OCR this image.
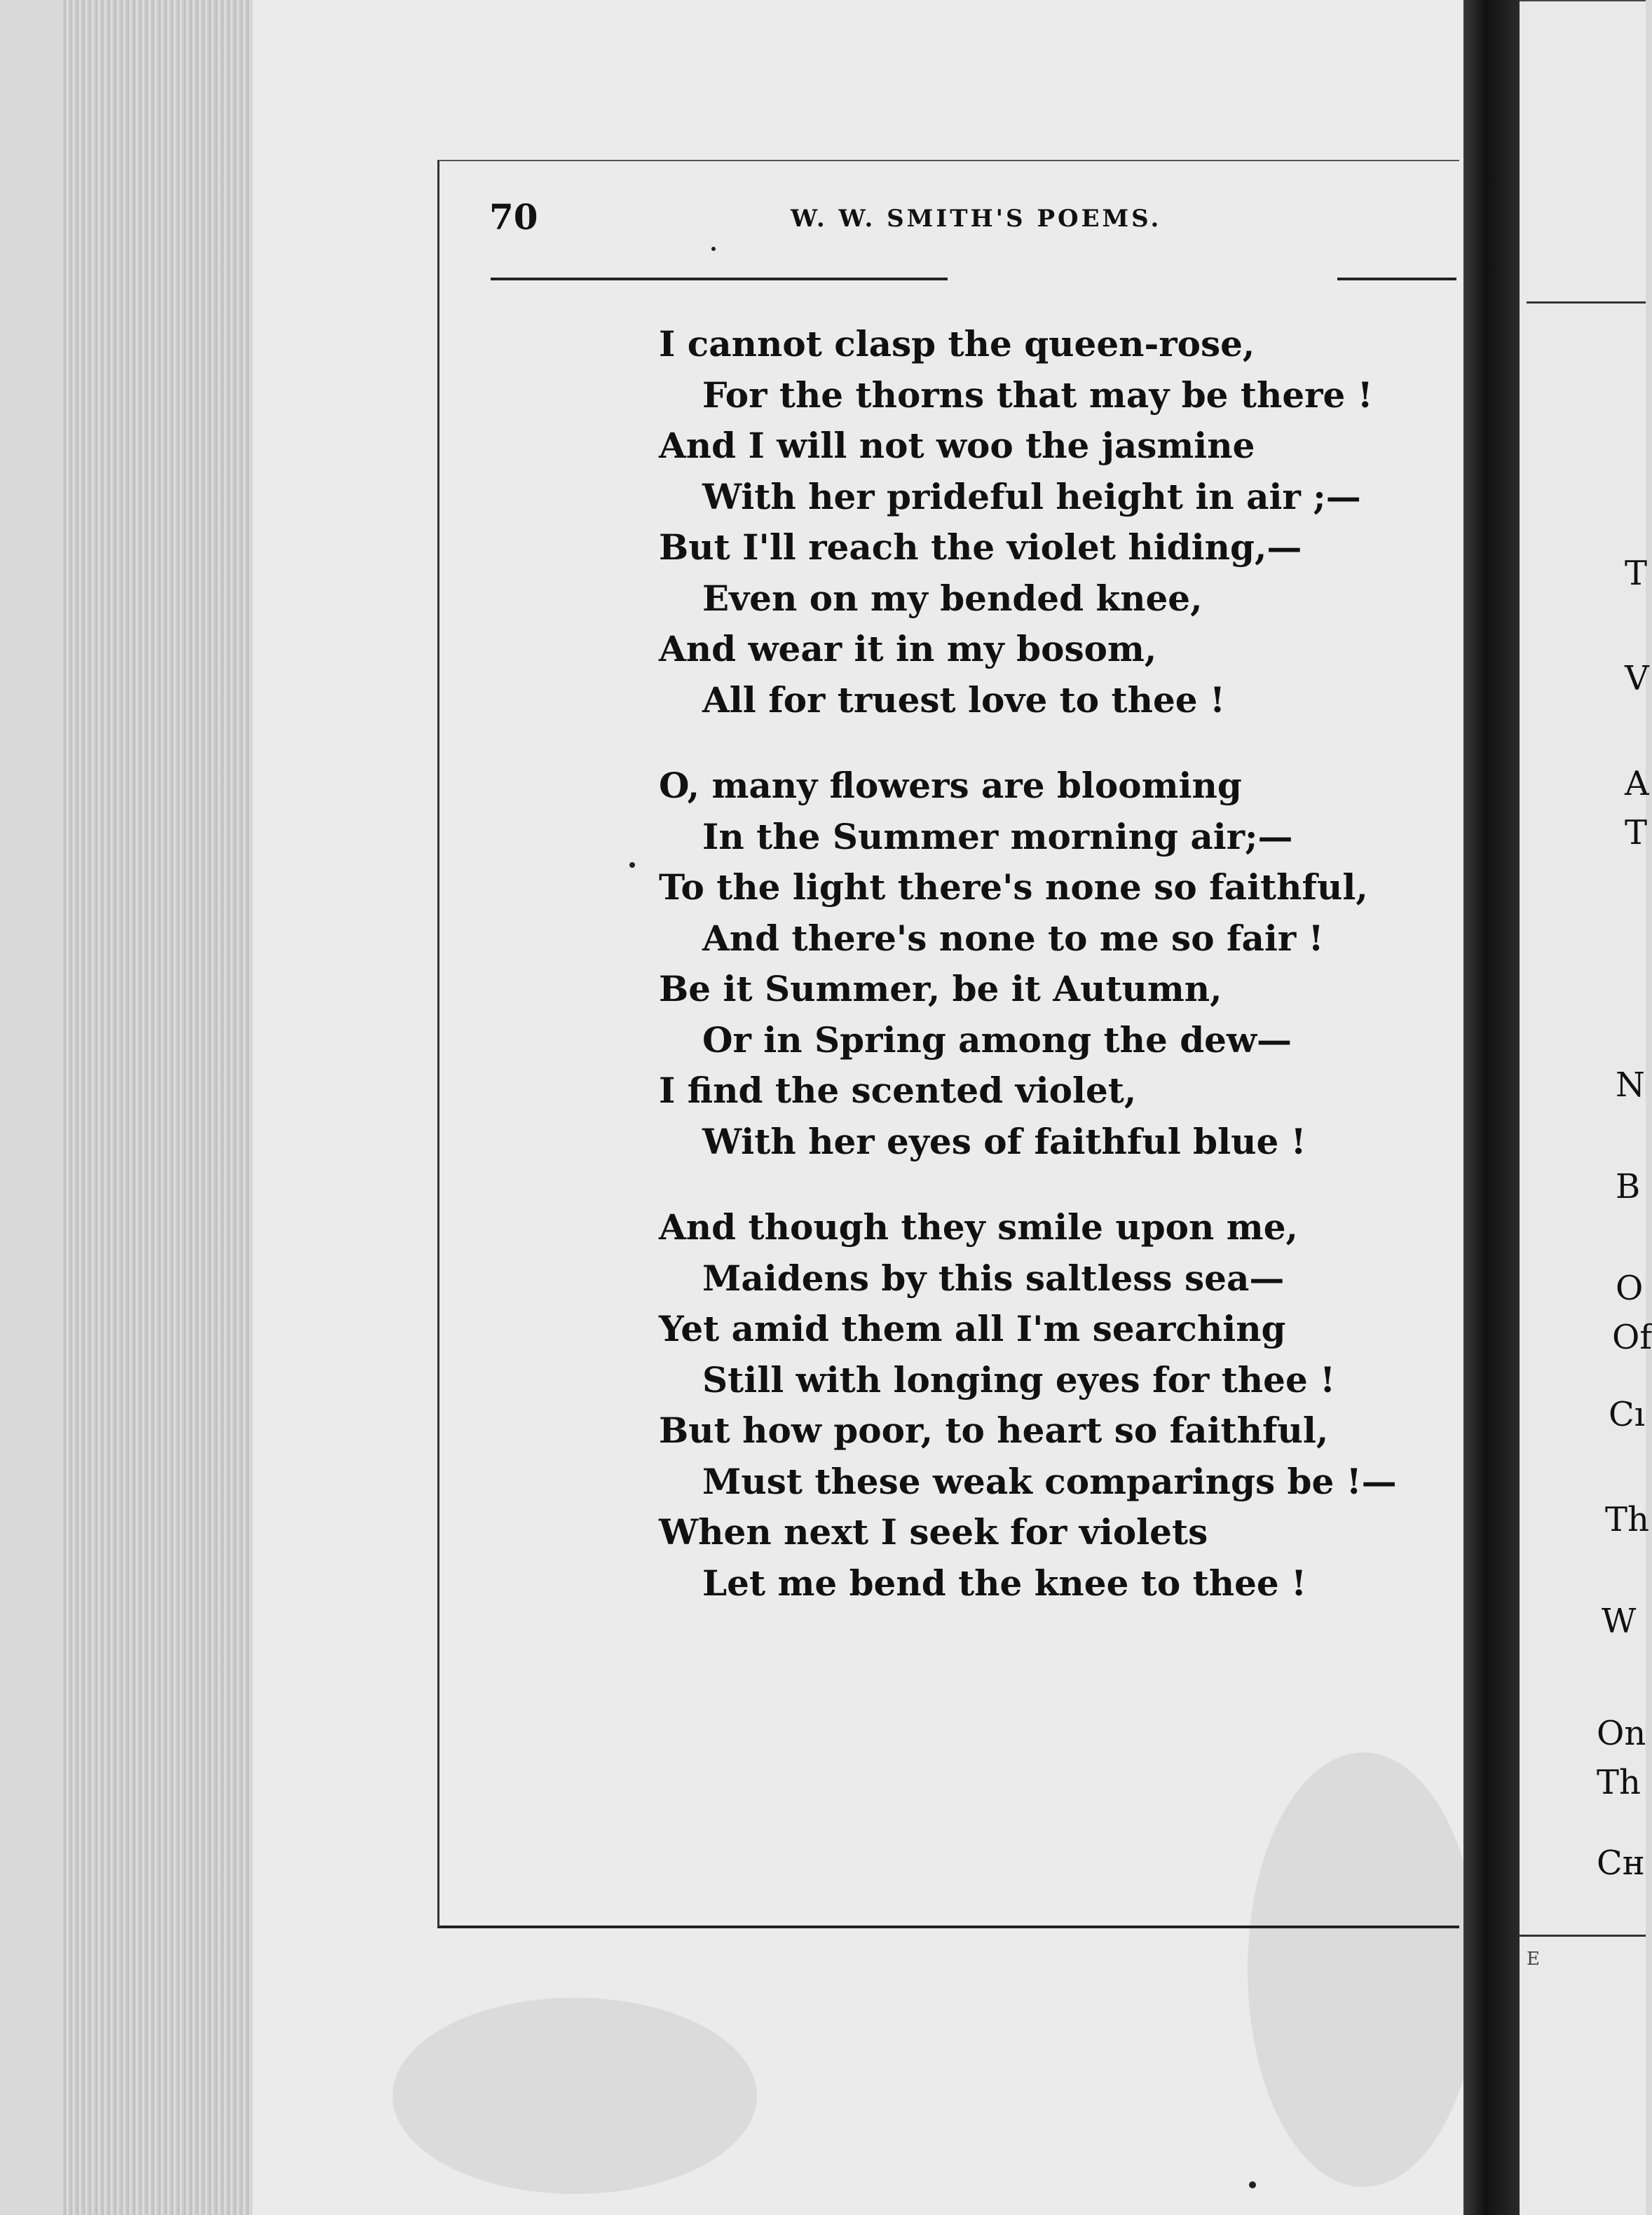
70	W. W. SMITH'S POEMS.
I cannot clasp the queen-rose,
For the thorns that may be there !
And I will not woo the jasmine
With her prideful height in air ;—
But I'll reach the violet hiding,—
Even on my bended knee,
And wear it in my bosom,
All for truest love to thee !
O, many flowers are blooming
In the Summer morning air;—
To the light there's none so faithful,
And there's none to me so fair !
Be it Summer, be it Autumn,
Or in Spring among the dew—
I find the scented violet,
With her eyes of faithful blue !
And though they smile upon me,
Maidens by this saltless sea—
Yet amid them all I'm searching
Still with longing eyes for thee !
But how poor, to heart so faithful,
Must these weak comparings be !—
When next I seek for violets
Let me bend the knee to thee !
T
V
A
T
N
B
O
Of
Cı
Th
W
On
Th
Cн
E
